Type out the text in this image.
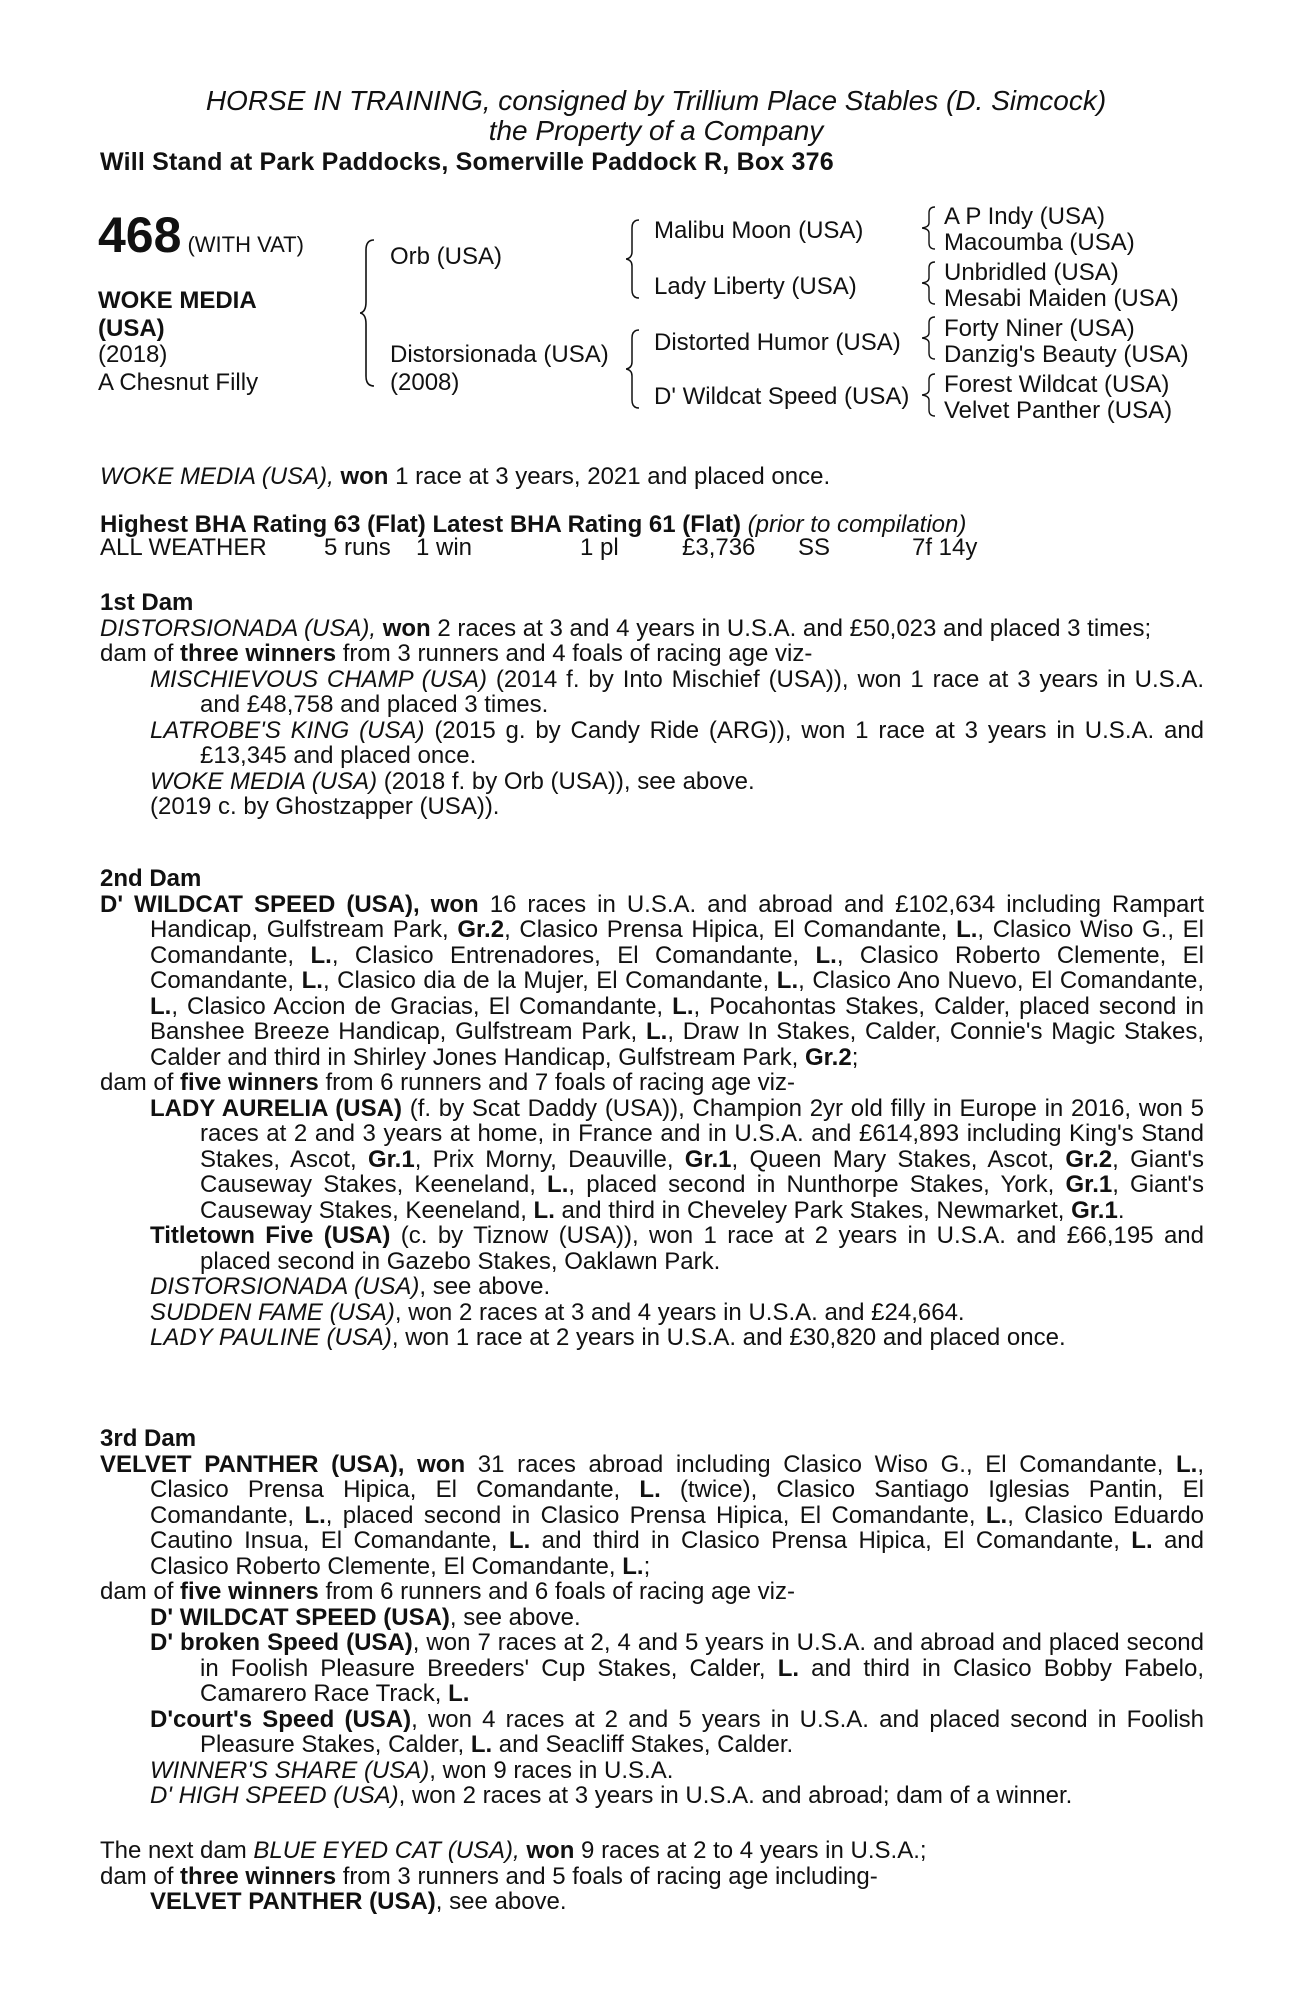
HORSE IN TRAINING, consigned by Trillium Place Stables (D. Simcock)
the Property of a Company
Will Stand at Park Paddocks, Somerville Paddock R, Box 376
468 (WITH VAT)
WOKE MEDIA
(USA)
(2018)
A Chesnut Filly
Orb (USA)
Distorsionada (USA)
(2008)
Malibu Moon (USA)
Lady Liberty (USA)
Distorted Humor (USA)
D' Wildcat Speed (USA)
A P Indy (USA)
Macoumba (USA)
Unbridled (USA)
Mesabi Maiden (USA)
Forty Niner (USA)
Danzig's Beauty (USA)
Forest Wildcat (USA)
Velvet Panther (USA)
WOKE MEDIA (USA), won 1 race at 3 years, 2021 and placed once.
Highest BHA Rating 63 (Flat) Latest BHA Rating 61 (Flat) (prior to compilation)
ALL WEATHER 5 runs 1 win	1 pl	£3,736 SS	7f 14y

1st Dam

DISTORSIONADA (USA), won 2 races at 3 and 4 years in U.S.A. and £50,023 and placed 3 times;

dam of three winners from 3 runners and 4 foals of racing age viz-

MISCHIEVOUS CHAMP (USA) (2014 f. by Into Mischief (USA)), won 1 race at 3 years in U.S.A. and £48,758 and placed 3 times.

LATROBE'S KING (USA) (2015 g. by Candy Ride (ARG)), won 1 race at 3 years in U.S.A. and £13,345 and placed once.

WOKE MEDIA (USA) (2018 f. by Orb (USA)), see above.

(2019 c. by Ghostzapper (USA)).

2nd Dam

D' WILDCAT SPEED (USA), won 16 races in U.S.A. and abroad and £102,634 including Rampart Handicap, Gulfstream Park, Gr.2, Clasico Prensa Hipica, El Comandante, L., Clasico Wiso G., El Comandante, L., Clasico Entrenadores, El Comandante, L., Clasico Roberto Clemente, El Comandante, L., Clasico dia de la Mujer, El Comandante, L., Clasico Ano Nuevo, El Comandante, L., Clasico Accion de Gracias, El Comandante, L., Pocahontas Stakes, Calder, placed second in Banshee Breeze Handicap, Gulfstream Park, L., Draw In Stakes, Calder, Connie's Magic Stakes, Calder and third in Shirley Jones Handicap, Gulfstream Park, Gr.2;

dam of five winners from 6 runners and 7 foals of racing age viz-

LADY AURELIA (USA) (f. by Scat Daddy (USA)), Champion 2yr old filly in Europe in 2016, won 5 races at 2 and 3 years at home, in France and in U.S.A. and £614,893 including King's Stand Stakes, Ascot, Gr.1, Prix Morny, Deauville, Gr.1, Queen Mary Stakes, Ascot, Gr.2, Giant's Causeway Stakes, Keeneland, L., placed second in Nunthorpe Stakes, York, Gr.1, Giant's Causeway Stakes, Keeneland, L. and third in Cheveley Park Stakes, Newmarket, Gr.1.

Titletown Five (USA) (c. by Tiznow (USA)), won 1 race at 2 years in U.S.A. and £66,195 and placed second in Gazebo Stakes, Oaklawn Park.

DISTORSIONADA (USA), see above.

SUDDEN FAME (USA), won 2 races at 3 and 4 years in U.S.A. and £24,664.

LADY PAULINE (USA), won 1 race at 2 years in U.S.A. and £30,820 and placed once.

3rd Dam

VELVET PANTHER (USA), won 31 races abroad including Clasico Wiso G., El Comandante, L., Clasico Prensa Hipica, El Comandante, L. (twice), Clasico Santiago Iglesias Pantin, El Comandante, L., placed second in Clasico Prensa Hipica, El Comandante, L., Clasico Eduardo Cautino Insua, El Comandante, L. and third in Clasico Prensa Hipica, El Comandante, L. and Clasico Roberto Clemente, El Comandante, L.;

dam of five winners from 6 runners and 6 foals of racing age viz-

D' WILDCAT SPEED (USA), see above.

D' broken Speed (USA), won 7 races at 2, 4 and 5 years in U.S.A. and abroad and placed second in Foolish Pleasure Breeders' Cup Stakes, Calder, L. and third in Clasico Bobby Fabelo, Camarero Race Track, L.

D'court's Speed (USA), won 4 races at 2 and 5 years in U.S.A. and placed second in Foolish Pleasure Stakes, Calder, L. and Seacliff Stakes, Calder.

WINNER'S SHARE (USA), won 9 races in U.S.A.

D' HIGH SPEED (USA), won 2 races at 3 years in U.S.A. and abroad; dam of a winner.

The next dam BLUE EYED CAT (USA), won 9 races at 2 to 4 years in U.S.A.;

dam of three winners from 3 runners and 5 foals of racing age including-

VELVET PANTHER (USA), see above.
